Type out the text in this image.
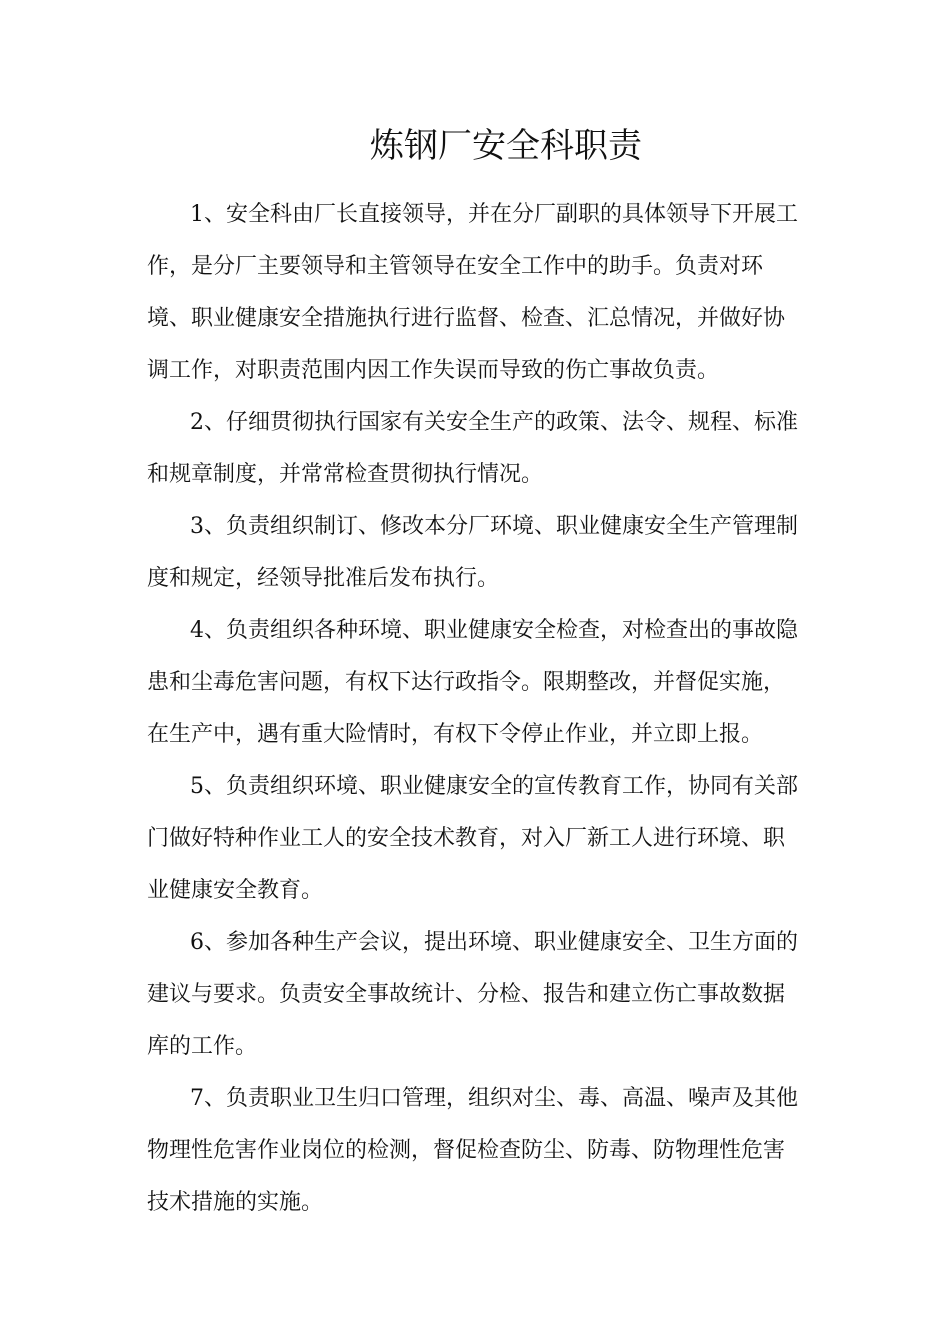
炼钢厂安全科职责

1、安全科由厂长直接领导，并在分厂副职的具体领导下开展工

作，是分厂主要领导和主管领导在安全工作中的助手。负责对环

境、职业健康安全措施执行进行监督、检查、汇总情况，并做好协

调工作，对职责范围内因工作失误而导致的伤亡事故负责。

2、仔细贯彻执行国家有关安全生产的政策、法令、规程、标准

和规章制度，并常常检查贯彻执行情况。

3、负责组织制订、修改本分厂环境、职业健康安全生产管理制

度和规定，经领导批准后发布执行。

4、负责组织各种环境、职业健康安全检查，对检查出的事故隐

患和尘毒危害问题，有权下达行政指令。限期整改，并督促实施，

在生产中，遇有重大险情时，有权下令停止作业，并立即上报。

5、负责组织环境、职业健康安全的宣传教育工作，协同有关部

门做好特种作业工人的安全技术教育，对入厂新工人进行环境、职

业健康安全教育。

6、参加各种生产会议，提出环境、职业健康安全、卫生方面的

建议与要求。负责安全事故统计、分检、报告和建立伤亡事故数据

库的工作。

7、负责职业卫生归口管理，组织对尘、毒、高温、噪声及其他

物理性危害作业岗位的检测，督促检查防尘、防毒、防物理性危害

技术措施的实施。
